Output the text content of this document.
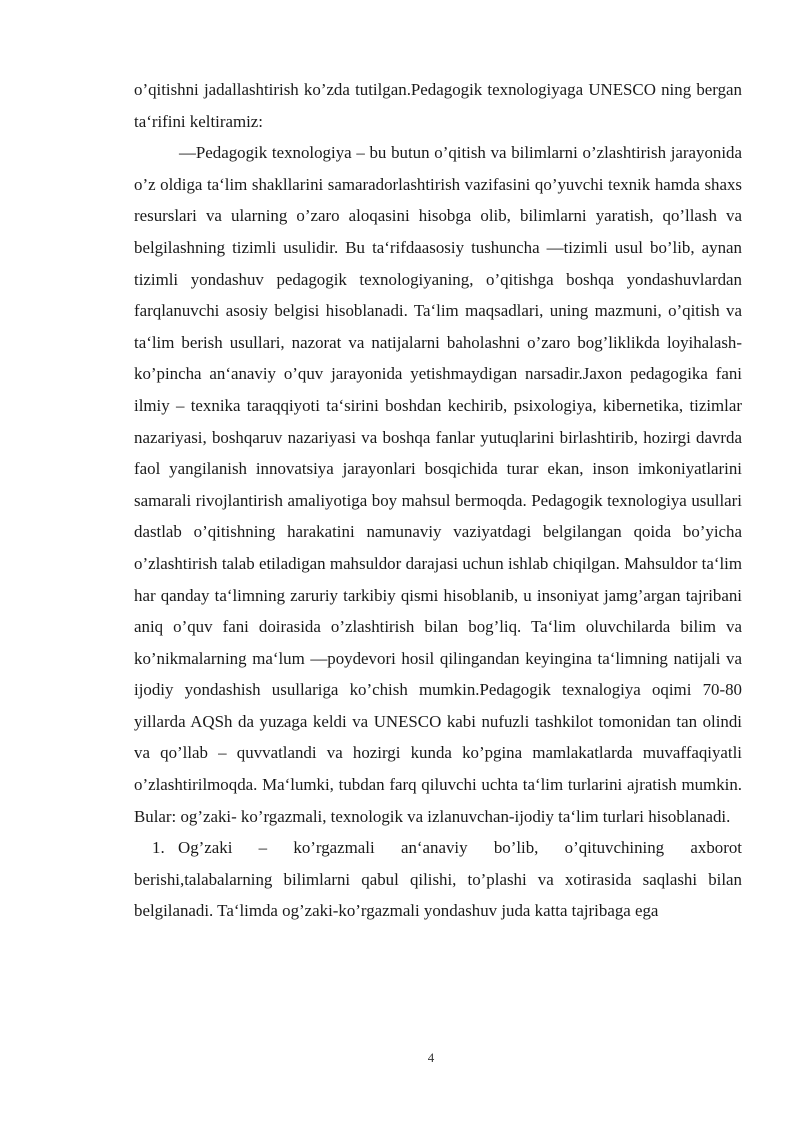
o’qitishni jadallashtirish ko’zda tutilgan.Pedagogik texnologiyaga UNESCO ning bergan ta‘rifini keltiramiz:

―Pedagogik texnologiya – bu butun o’qitish va bilimlarni o’zlashtirish jarayonida o’z oldiga ta‘lim shakllarini samaradorlashtirish vazifasini qo’yuvchi texnik hamda shaxs resurslari va ularning o’zaro aloqasini hisobga olib, bilimlarni yaratish, qo’llash va belgilashning tizimli usulidir. Bu ta‘rifdaasosiy tushuncha ―tizimli usul bo’lib, aynan tizimli yondashuv pedagogik texnologiyaning, o’qitishga boshqa yondashuvlardan farqlanuvchi asosiy belgisi hisoblanadi. Ta‘lim maqsadlari, uning mazmuni, o’qitish va ta‘lim berish usullari, nazorat va natijalarni baholashni o’zaro bog’liklikda loyihalash-ko’pincha an‘anaviy o’quv jarayonida yetishmaydigan narsadir.Jaxon pedagogika fani ilmiy – texnika taraqqiyoti ta‘sirini boshdan kechirib, psixologiya, kibernetika, tizimlar nazariyasi, boshqaruv nazariyasi va boshqa fanlar yutuqlarini birlashtirib, hozirgi davrda faol yangilanish innovatsiya jarayonlari bosqichida turar ekan, inson imkoniyatlarini samarali rivojlantirish amaliyotiga boy mahsul bermoqda. Pedagogik texnologiya usullari dastlab o’qitishning harakatini namunaviy vaziyatdagi belgilangan qoida bo’yicha o’zlashtirish talab etiladigan mahsuldor darajasi uchun ishlab chiqilgan. Mahsuldor ta‘lim har qanday ta‘limning zaruriy tarkibiy qismi hisoblanib, u insoniyat jamg’argan tajribani aniq o’quv fani doirasida o’zlashtirish bilan bog’liq. Ta‘lim oluvchilarda bilim va ko’nikmalarning ma‘lum ―poydevori hosil qilingandan keyingina ta‘limning natijali va ijodiy yondashish usullariga ko’chish mumkin.Pedagogik texnalogiya oqimi 70-80 yillarda AQSh da yuzaga keldi va UNESCO kabi nufuzli tashkilot tomonidan tan olindi va qo’llab – quvvatlandi va hozirgi kunda ko’pgina mamlakatlarda muvaffaqiyatli o’zlashtirilmoqda. Ma‘lumki, tubdan farq qiluvchi uchta ta‘lim turlarini ajratish mumkin. Bular: og’zaki- ko’rgazmali, texnologik va izlanuvchan-ijodiy ta‘lim turlari hisoblanadi.

1. Og’zaki – ko’rgazmali an‘anaviy bo’lib, o’qituvchining axborot
berishi,talabalarning bilimlarni qabul qilishi, to’plashi va xotirasida saqlashi bilan belgilanadi. Ta‘limda og’zaki-ko’rgazmali yondashuv juda katta tajribaga ega

4
